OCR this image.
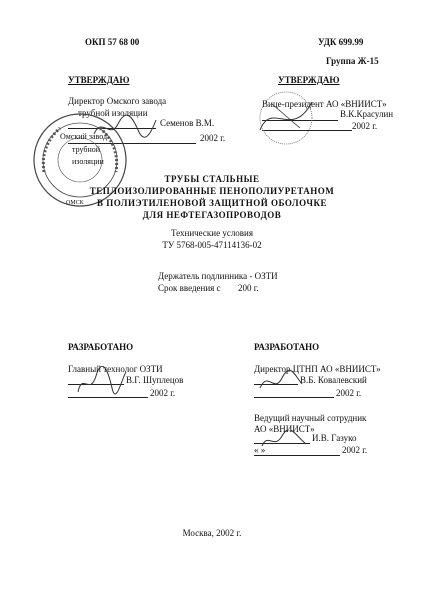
ОКП 57 68 00	УДК 699.99
Группа Ж-15
УТВЕРЖДАЮ
Директор Омского завода
трубной изоляции
Семенов В.М.
2002 г.
Омский завод
трубной
изоляции
ОМСК
УТВЕРЖДАЮ
Вице-президент АО «ВНИИСТ»
В.К.Красулин
2002 г.
ТРУБЫ СТАЛЬНЫЕ
ТЕПЛОИЗОЛИРОВАННЫЕ ПЕНОПОЛИУРЕТАНОМ
В ПОЛИЭТИЛЕНОВОЙ ЗАЩИТНОЙ ОБОЛОЧКЕ
ДЛЯ НЕФТЕГАЗОПРОВОДОВ
Технические условия
ТУ 5768-005-47114136-02
Держатель подлинника - ОЗТИ
Срок введения с 200 г.
РАЗРАБОТАНО
Главный технолог ОЗТИ
В.Г. Шуплецов
2002 г.
РАЗРАБОТАНО
Директор ЦТНП АО «ВНИИСТ»
В.Б. Ковалевский
2002 г.
Ведущий научный сотрудник
АО «ВНИИСТ»
И.В. Газуко
« »	2002 г.
Москва, 2002 г.
